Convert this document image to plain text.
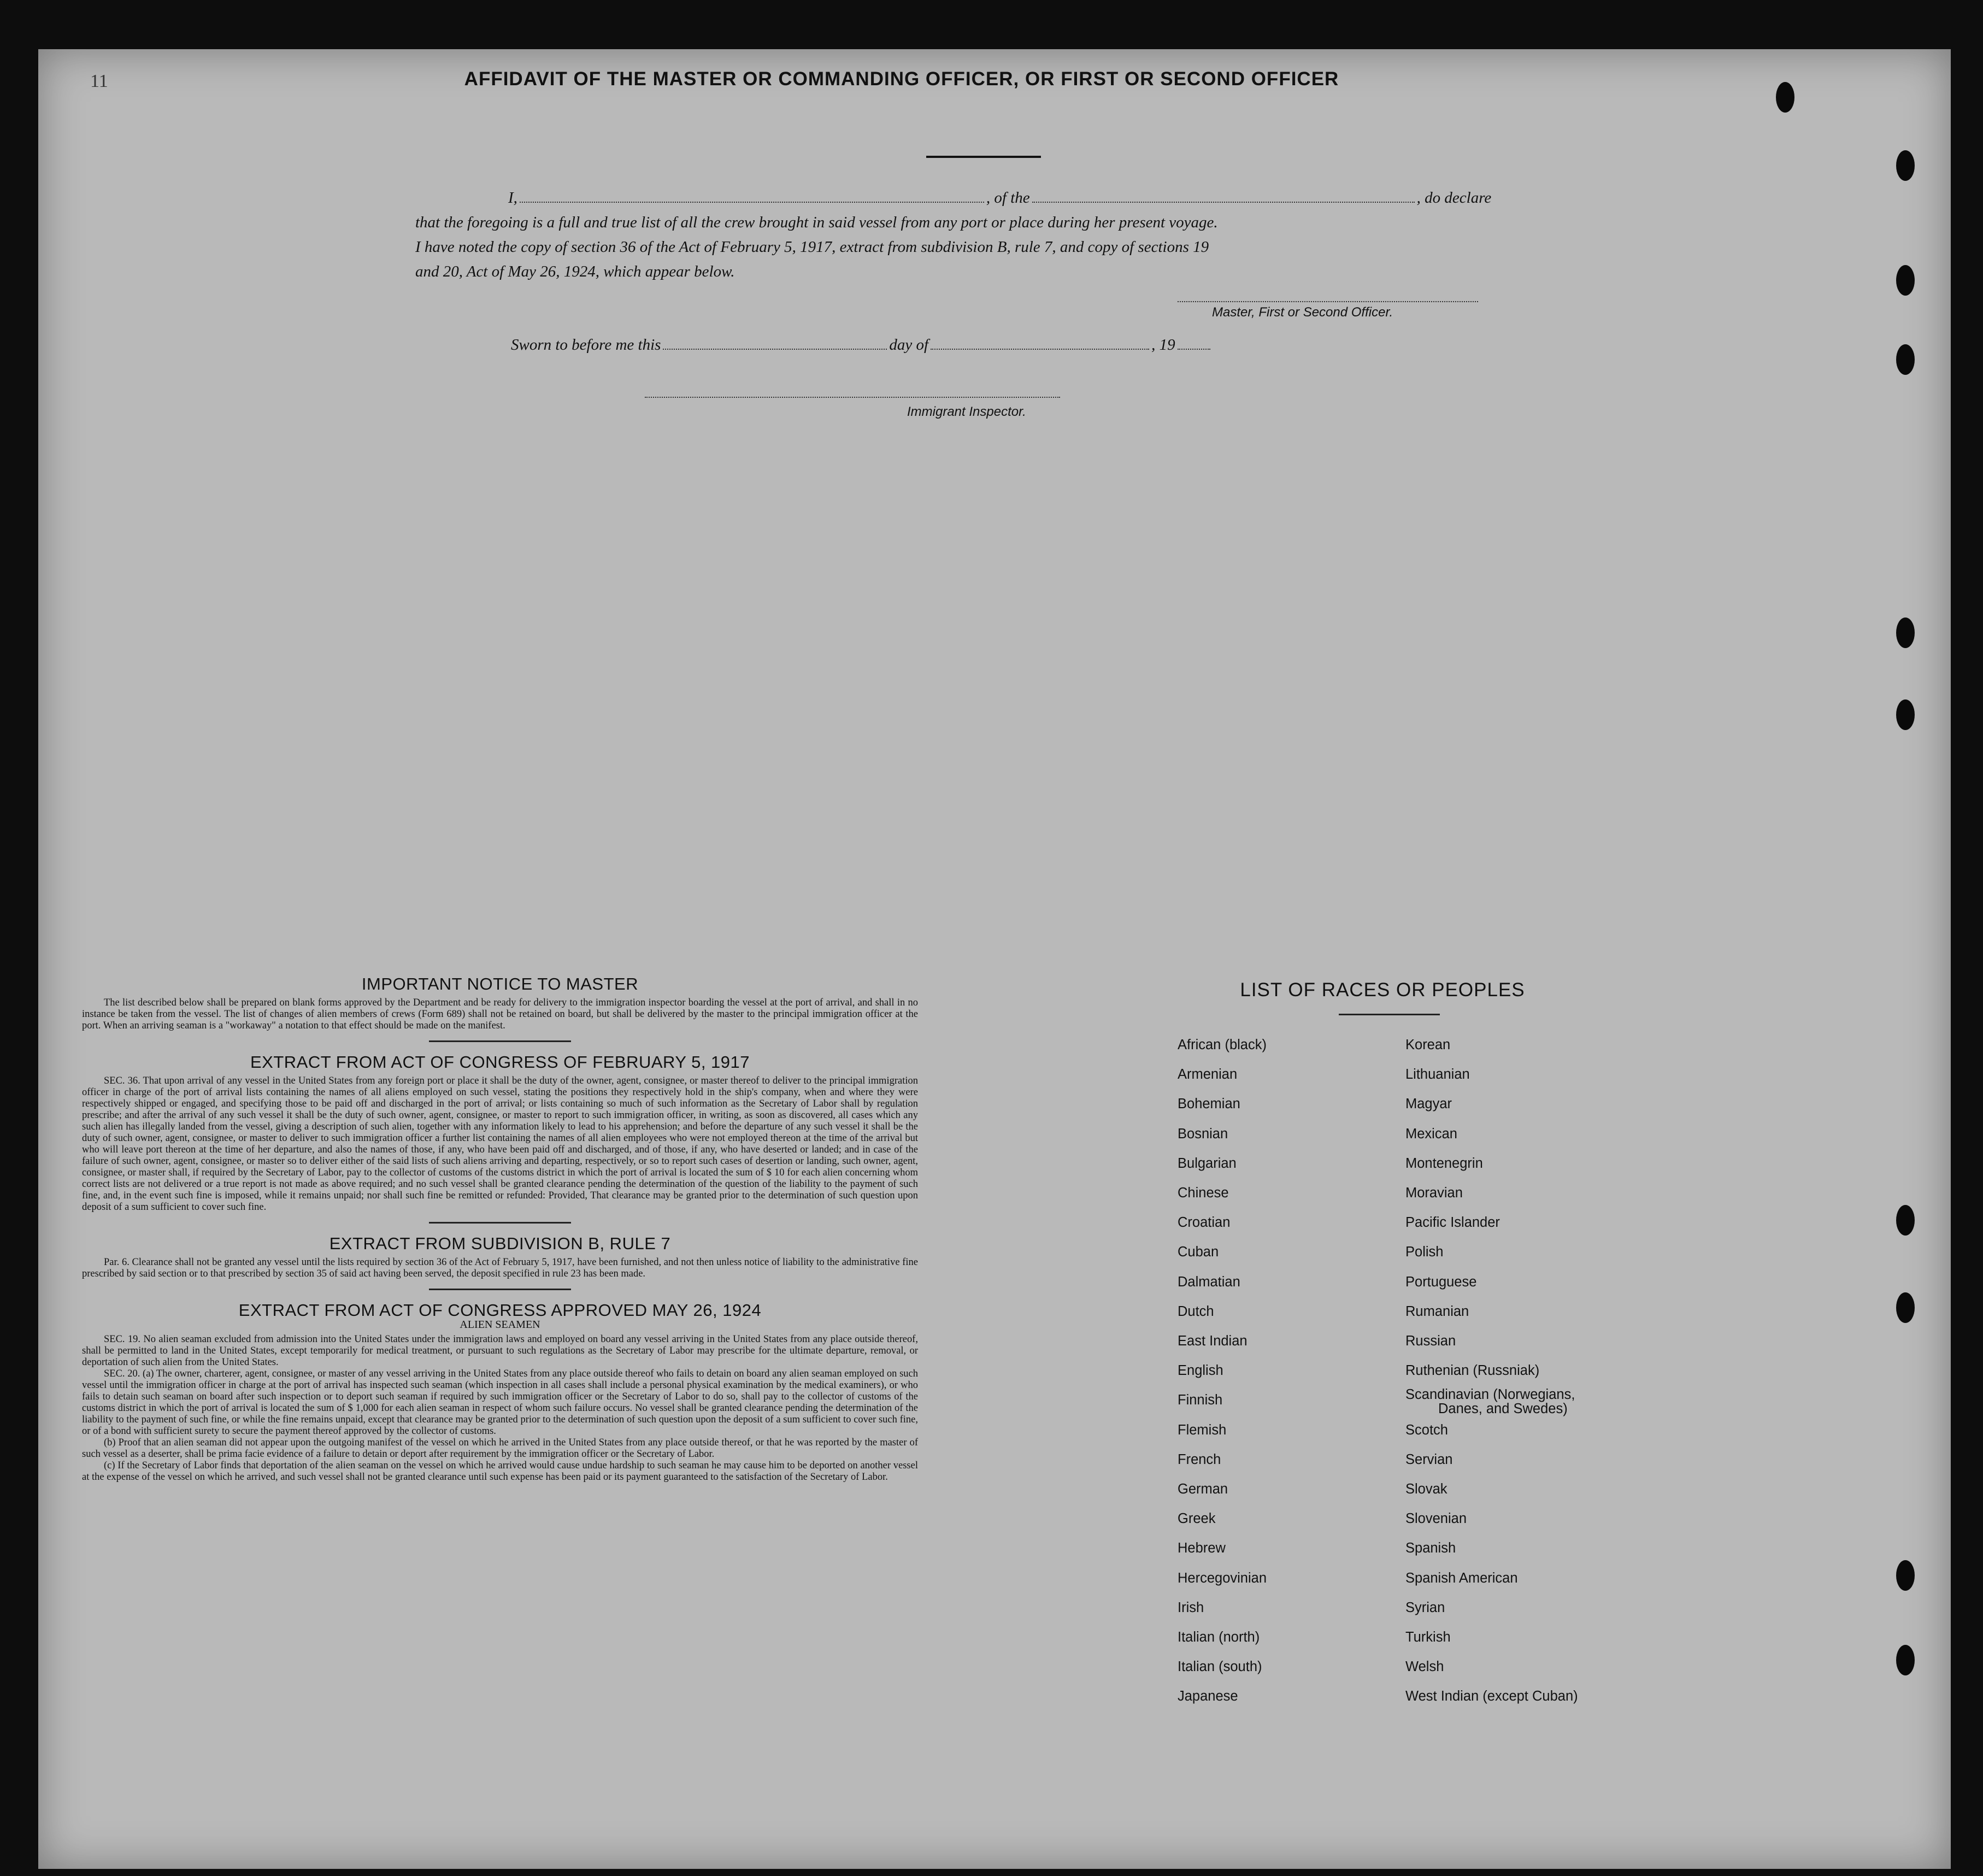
11	AFFIDAVIT OF THE MASTER OR COMMANDING OFFICER, OR FIRST OR SECOND OFFICER
I,	, of the	, do declare
that the foregoing is a full and true list of all the crew brought in said vessel from any port or place during her present voyage.
I have noted the copy of section 36 of the Act of February 5, 1917, extract from subdivision B, rule 7, and copy of sections 19
and 20, Act of May 26, 1924, which appear below.
Master, First or Second Officer.
Sworn to before me this	day of	, 19
Immigrant Inspector.
IMPORTANT NOTICE TO MASTER

The list described below shall be prepared on blank forms approved by the Department and be ready for delivery to the immigration inspector boarding the vessel at the port of arrival, and shall in no instance be taken from the vessel. The list of changes of alien members of crews (Form 689) shall not be retained on board, but shall be delivered by the master to the principal immigration officer at the port. When an arriving seaman is a "workaway" a notation to that effect should be made on the manifest.

EXTRACT FROM ACT OF CONGRESS OF FEBRUARY 5, 1917

SEC. 36. That upon arrival of any vessel in the United States from any foreign port or place it shall be the duty of the owner, agent, consignee, or master thereof to deliver to the principal immigration officer in charge of the port of arrival lists containing the names of all aliens employed on such vessel, stating the positions they respectively hold in the ship's company, when and where they were respectively shipped or engaged, and specifying those to be paid off and discharged in the port of arrival; or lists containing so much of such information as the Secretary of Labor shall by regulation prescribe; and after the arrival of any such vessel it shall be the duty of such owner, agent, consignee, or master to report to such immigration officer, in writing, as soon as discovered, all cases which any such alien has illegally landed from the vessel, giving a description of such alien, together with any information likely to lead to his apprehension; and before the departure of any such vessel it shall be the duty of such owner, agent, consignee, or master to deliver to such immigration officer a further list containing the names of all alien employees who were not employed thereon at the time of the arrival but who will leave port thereon at the time of her departure, and also the names of those, if any, who have been paid off and discharged, and of those, if any, who have deserted or landed; and in case of the failure of such owner, agent, consignee, or master so to deliver either of the said lists of such aliens arriving and departing, respectively, or so to report such cases of desertion or landing, such owner, agent, consignee, or master shall, if required by the Secretary of Labor, pay to the collector of customs of the customs district in which the port of arrival is located the sum of $ 10 for each alien concerning whom correct lists are not delivered or a true report is not made as above required; and no such vessel shall be granted clearance pending the determination of the question of the liability to the payment of such fine, and, in the event such fine is imposed, while it remains unpaid; nor shall such fine be remitted or refunded: Provided, That clearance may be granted prior to the determination of such question upon deposit of a sum sufficient to cover such fine.

EXTRACT FROM SUBDIVISION B, RULE 7

Par. 6. Clearance shall not be granted any vessel until the lists required by section 36 of the Act of February 5, 1917, have been furnished, and not then unless notice of liability to the administrative fine prescribed by said section or to that prescribed by section 35 of said act having been served, the deposit specified in rule 23 has been made.

EXTRACT FROM ACT OF CONGRESS APPROVED MAY 26, 1924
ALIEN SEAMEN

SEC. 19. No alien seaman excluded from admission into the United States under the immigration laws and employed on board any vessel arriving in the United States from any place outside thereof, shall be permitted to land in the United States, except temporarily for medical treatment, or pursuant to such regulations as the Secretary of Labor may prescribe for the ultimate departure, removal, or deportation of such alien from the United States.

SEC. 20. (a) The owner, charterer, agent, consignee, or master of any vessel arriving in the United States from any place outside thereof who fails to detain on board any alien seaman employed on such vessel until the immigration officer in charge at the port of arrival has inspected such seaman (which inspection in all cases shall include a personal physical examination by the medical examiners), or who fails to detain such seaman on board after such inspection or to deport such seaman if required by such immigration officer or the Secretary of Labor to do so, shall pay to the collector of customs of the customs district in which the port of arrival is located the sum of $ 1,000 for each alien seaman in respect of whom such failure occurs. No vessel shall be granted clearance pending the determination of the liability to the payment of such fine, or while the fine remains unpaid, except that clearance may be granted prior to the determination of such question upon the deposit of a sum sufficient to cover such fine, or of a bond with sufficient surety to secure the payment thereof approved by the collector of customs.

(b) Proof that an alien seaman did not appear upon the outgoing manifest of the vessel on which he arrived in the United States from any place outside thereof, or that he was reported by the master of such vessel as a deserter, shall be prima facie evidence of a failure to detain or deport after requirement by the immigration officer or the Secretary of Labor.

(c) If the Secretary of Labor finds that deportation of the alien seaman on the vessel on which he arrived would cause undue hardship to such seaman he may cause him to be deported on another vessel at the expense of the vessel on which he arrived, and such vessel shall not be granted clearance until such expense has been paid or its payment guaranteed to the satisfaction of the Secretary of Labor.

LIST OF RACES OR PEOPLES
African (black)
Armenian
Bohemian
Bosnian
Bulgarian
Chinese
Croatian
Cuban
Dalmatian
Dutch
East Indian
English
Finnish
Flemish
French
German
Greek
Hebrew
Hercegovinian
Irish
Italian (north)
Italian (south)
Japanese
Korean
Lithuanian
Magyar
Mexican
Montenegrin
Moravian
Pacific Islander
Polish
Portuguese
Rumanian
Russian
Ruthenian (Russniak)
Scandinavian (Norwegians,
Danes, and Swedes)
Scotch
Servian
Slovak
Slovenian
Spanish
Spanish American
Syrian
Turkish
Welsh
West Indian (except Cuban)
